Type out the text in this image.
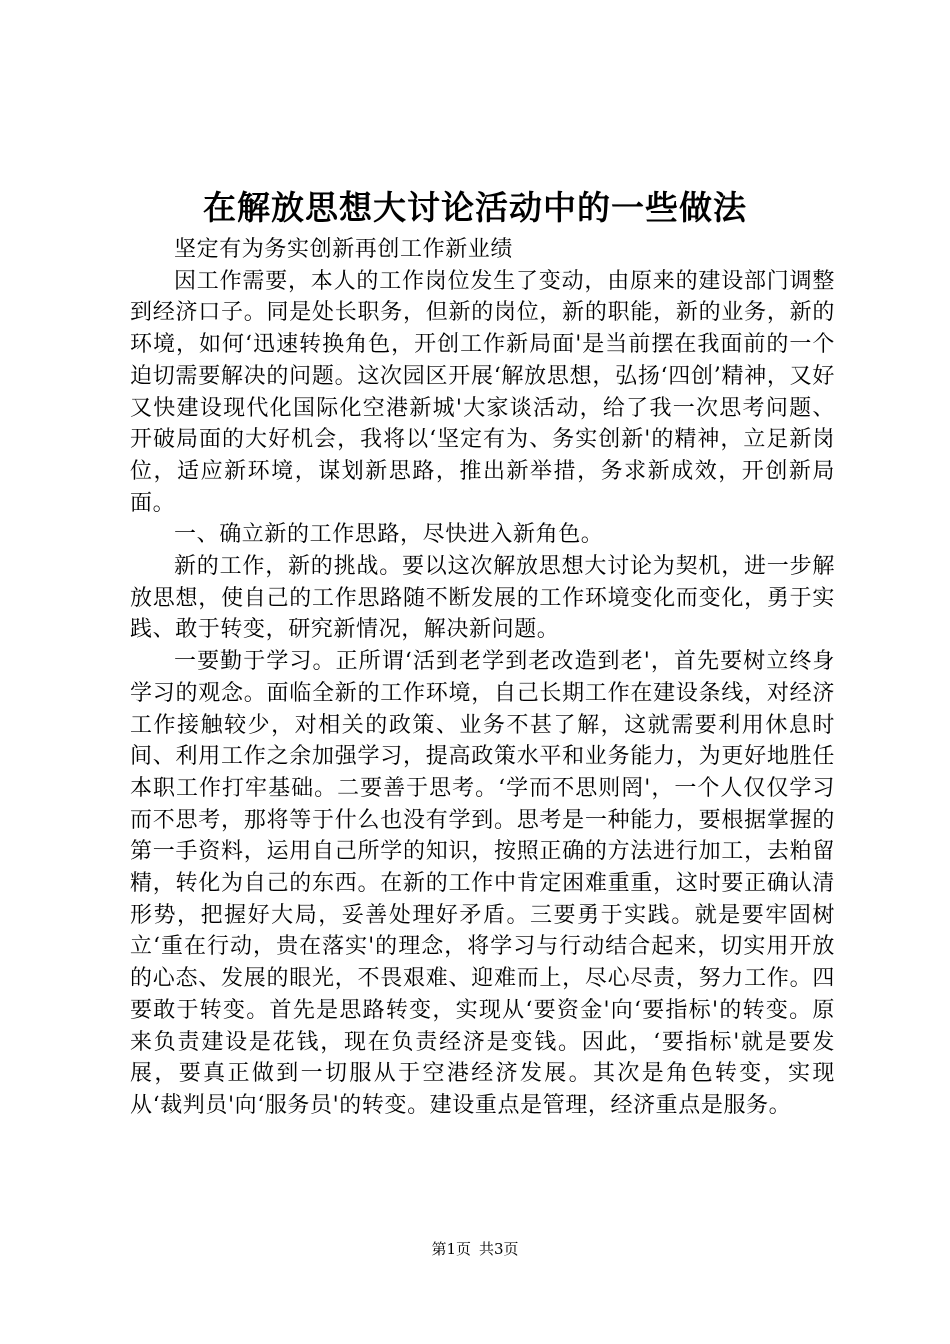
在解放思想大讨论活动中的一些做法

坚定有为务实创新再创工作新业绩

因工作需要，本人的工作岗位发生了变动，由原来的建设部门调整到经济口子。同是处长职务，但新的岗位，新的职能，新的业务，新的环境，如何‘迅速转换角色，开创工作新局面'是当前摆在我面前的一个迫切需要解决的问题。这次园区开展‘解放思想，弘扬‘四创’精神，又好又快建设现代化国际化空港新城'大家谈活动，给了我一次思考问题、开破局面的大好机会，我将以‘坚定有为、务实创新'的精神，立足新岗位，适应新环境，谋划新思路，推出新举措，务求新成效，开创新局面。

一、确立新的工作思路，尽快进入新角色。

新的工作，新的挑战。要以这次解放思想大讨论为契机，进一步解放思想，使自己的工作思路随不断发展的工作环境变化而变化，勇于实践、敢于转变，研究新情况，解决新问题。

一要勤于学习。正所谓‘活到老学到老改造到老'，首先要树立终身学习的观念。面临全新的工作环境，自己长期工作在建设条线，对经济工作接触较少，对相关的政策、业务不甚了解，这就需要利用休息时间、利用工作之余加强学习，提高政策水平和业务能力，为更好地胜任本职工作打牢基础。二要善于思考。‘学而不思则罔'，一个人仅仅学习而不思考，那将等于什么也没有学到。思考是一种能力，要根据掌握的第一手资料，运用自己所学的知识，按照正确的方法进行加工，去粕留精，转化为自己的东西。在新的工作中肯定困难重重，这时要正确认清形势，把握好大局，妥善处理好矛盾。三要勇于实践。就是要牢固树立‘重在行动，贵在落实'的理念，将学习与行动结合起来，切实用开放的心态、发展的眼光，不畏艰难、迎难而上，尽心尽责，努力工作。四要敢于转变。首先是思路转变，实现从‘要资金'向‘要指标'的转变。原来负责建设是花钱，现在负责经济是变钱。因此，‘要指标'就是要发展，要真正做到一切服从于空港经济发展。其次是角色转变，实现从‘裁判员'向‘服务员'的转变。建设重点是管理，经济重点是服务。

第1页 共3页
